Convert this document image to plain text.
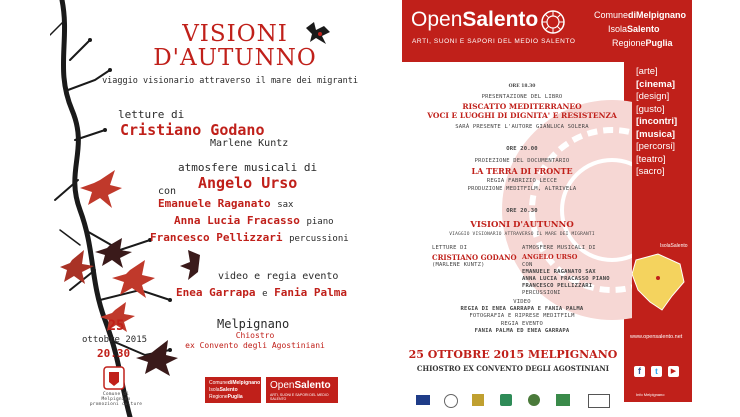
VISIONI
D'AUTUNNO
viaggio visionario attraverso il mare dei migranti
letture di
Cristiano Godano
Marlene Kuntz
atmosfere musicali di
Angelo Urso
con
Emanuele Raganato sax
Anna Lucia Fracasso piano
Francesco Pellizzari percussioni
video e regia evento
Enea Garrapa e Fania Palma
25
ottobre 2015
20.30
Melpignano
Chiostro
ex Convento degli Agostiniani
Comune di Melpignano promozioni culture
ComunediMelpignano
IsolaSalento
RegionePuglia
OpenSalento
ARTI, SUONI E SAPORI DEL MEDIO SALENTO
OpenSalento
ARTI, SUONI E SAPORI DEL MEDIO SALENTO
ComunediMelpignano
IsolaSalento
RegionePuglia
[arte]
[cinema]
[design]
[gusto]
[incontri]
[musica]
[percorsi]
[teatro]
[sacro]
IsolaSalento
www.opensalento.net
f	t	▶
Info Melpignano
ORE 18.30
PRESENTAZIONE DEL LIBRO
RISCATTO MEDITERRANEO
VOCI E LUOGHI DI DIGNITA' E RESISTENZA
SARÀ PRESENTE L'AUTORE GIANLUCA SOLERA
ORE 20.00
PROIEZIONE DEL DOCUMENTARIO
LA TERRA DI FRONTE
REGIA FABRIZIO LECCE
PRODUZIONE MEDITFILM, ALTRIVELA
ORE 20.30
VISIONI D'AUTUNNO
VIAGGIO VISIONARIO ATTRAVERSO IL MARE DEI MIGRANTI
LETTURE DI
CRISTIANO GODANO
(MARLENE KUNTZ)
ATMOSFERE MUSICALI DI
ANGELO URSO
CON
EMANUELE RAGANATO SAX
ANNA LUCIA FRACASSO PIANO
FRANCESCO PELLIZZARI
PERCUSSIONI
VIDEO
REGIA DI ENEA GARRAPA E FANIA PALMA
FOTOGRAFIA E RIPRESE MEDITFILM
REGIA EVENTO
FANIA PALMA ED ENEA GARRAPA
25 OTTOBRE 2015 MELPIGNANO
CHIOSTRO EX CONVENTO DEGLI AGOSTINIANI
